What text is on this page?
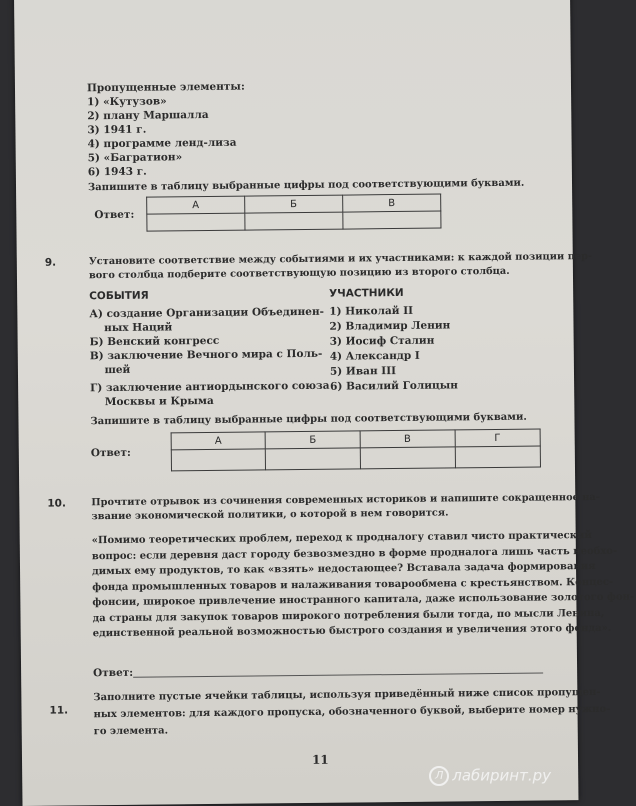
Пропущенные элементы:
1) «Кутузов»
2) плану Маршалла
3) 1941 г.
4) программе ленд-лиза
5) «Багратион»
6) 1943 г.
Запишите в таблицу выбранные цифры под соответствующими буквами.
Ответ:
А	Б	В

9.	Установите соответствие между событиями и их участниками: к каждой позиции пер-
вого столбца подберите соответствующую позицию из второго столбца.
СОБЫТИЯ	УЧАСТНИКИ
А) создание Организации Объединен-
ных Наций
Б) Венский конгресс
В) заключение Вечного мира с Поль-
шей
Г) заключение антиордынского союза
Москвы и Крыма
1) Николай II
2) Владимир Ленин
3) Иосиф Сталин
4) Александр I
5) Иван III
6) Василий Голицын
Запишите в таблицу выбранные цифры под соответствующими буквами.
Ответ:
А	Б	В	Г

10.	Прочтите отрывок из сочинения современных историков и напишите сокращенное на-
звание экономической политики, о которой в нем говорится.
«Помимо теоретических проблем, переход к продналогу ставил чисто практический
вопрос: если деревня даст городу безвозмездно в форме продналога лишь часть необхо-
димых ему продуктов, то как «взять» недостающее? Вставала задача формирования
фонда промышленных товаров и налаживания товарообмена с крестьянством. Концес-
фонсии, широкое привлечение иностранного капитала, даже использование золотого фон-
да страны для закупок товаров широкого потребления были тогда, по мысли Ленина,
единственной реальной возможностью быстрого создания и увеличения этого фонда».
Ответ:
11.
Заполните пустые ячейки таблицы, используя приведённый ниже список пропущен-
ных элементов: для каждого пропуска, обозначенного буквой, выберите номер нужно-
го элемента.
11
Л лабиринт.ру
